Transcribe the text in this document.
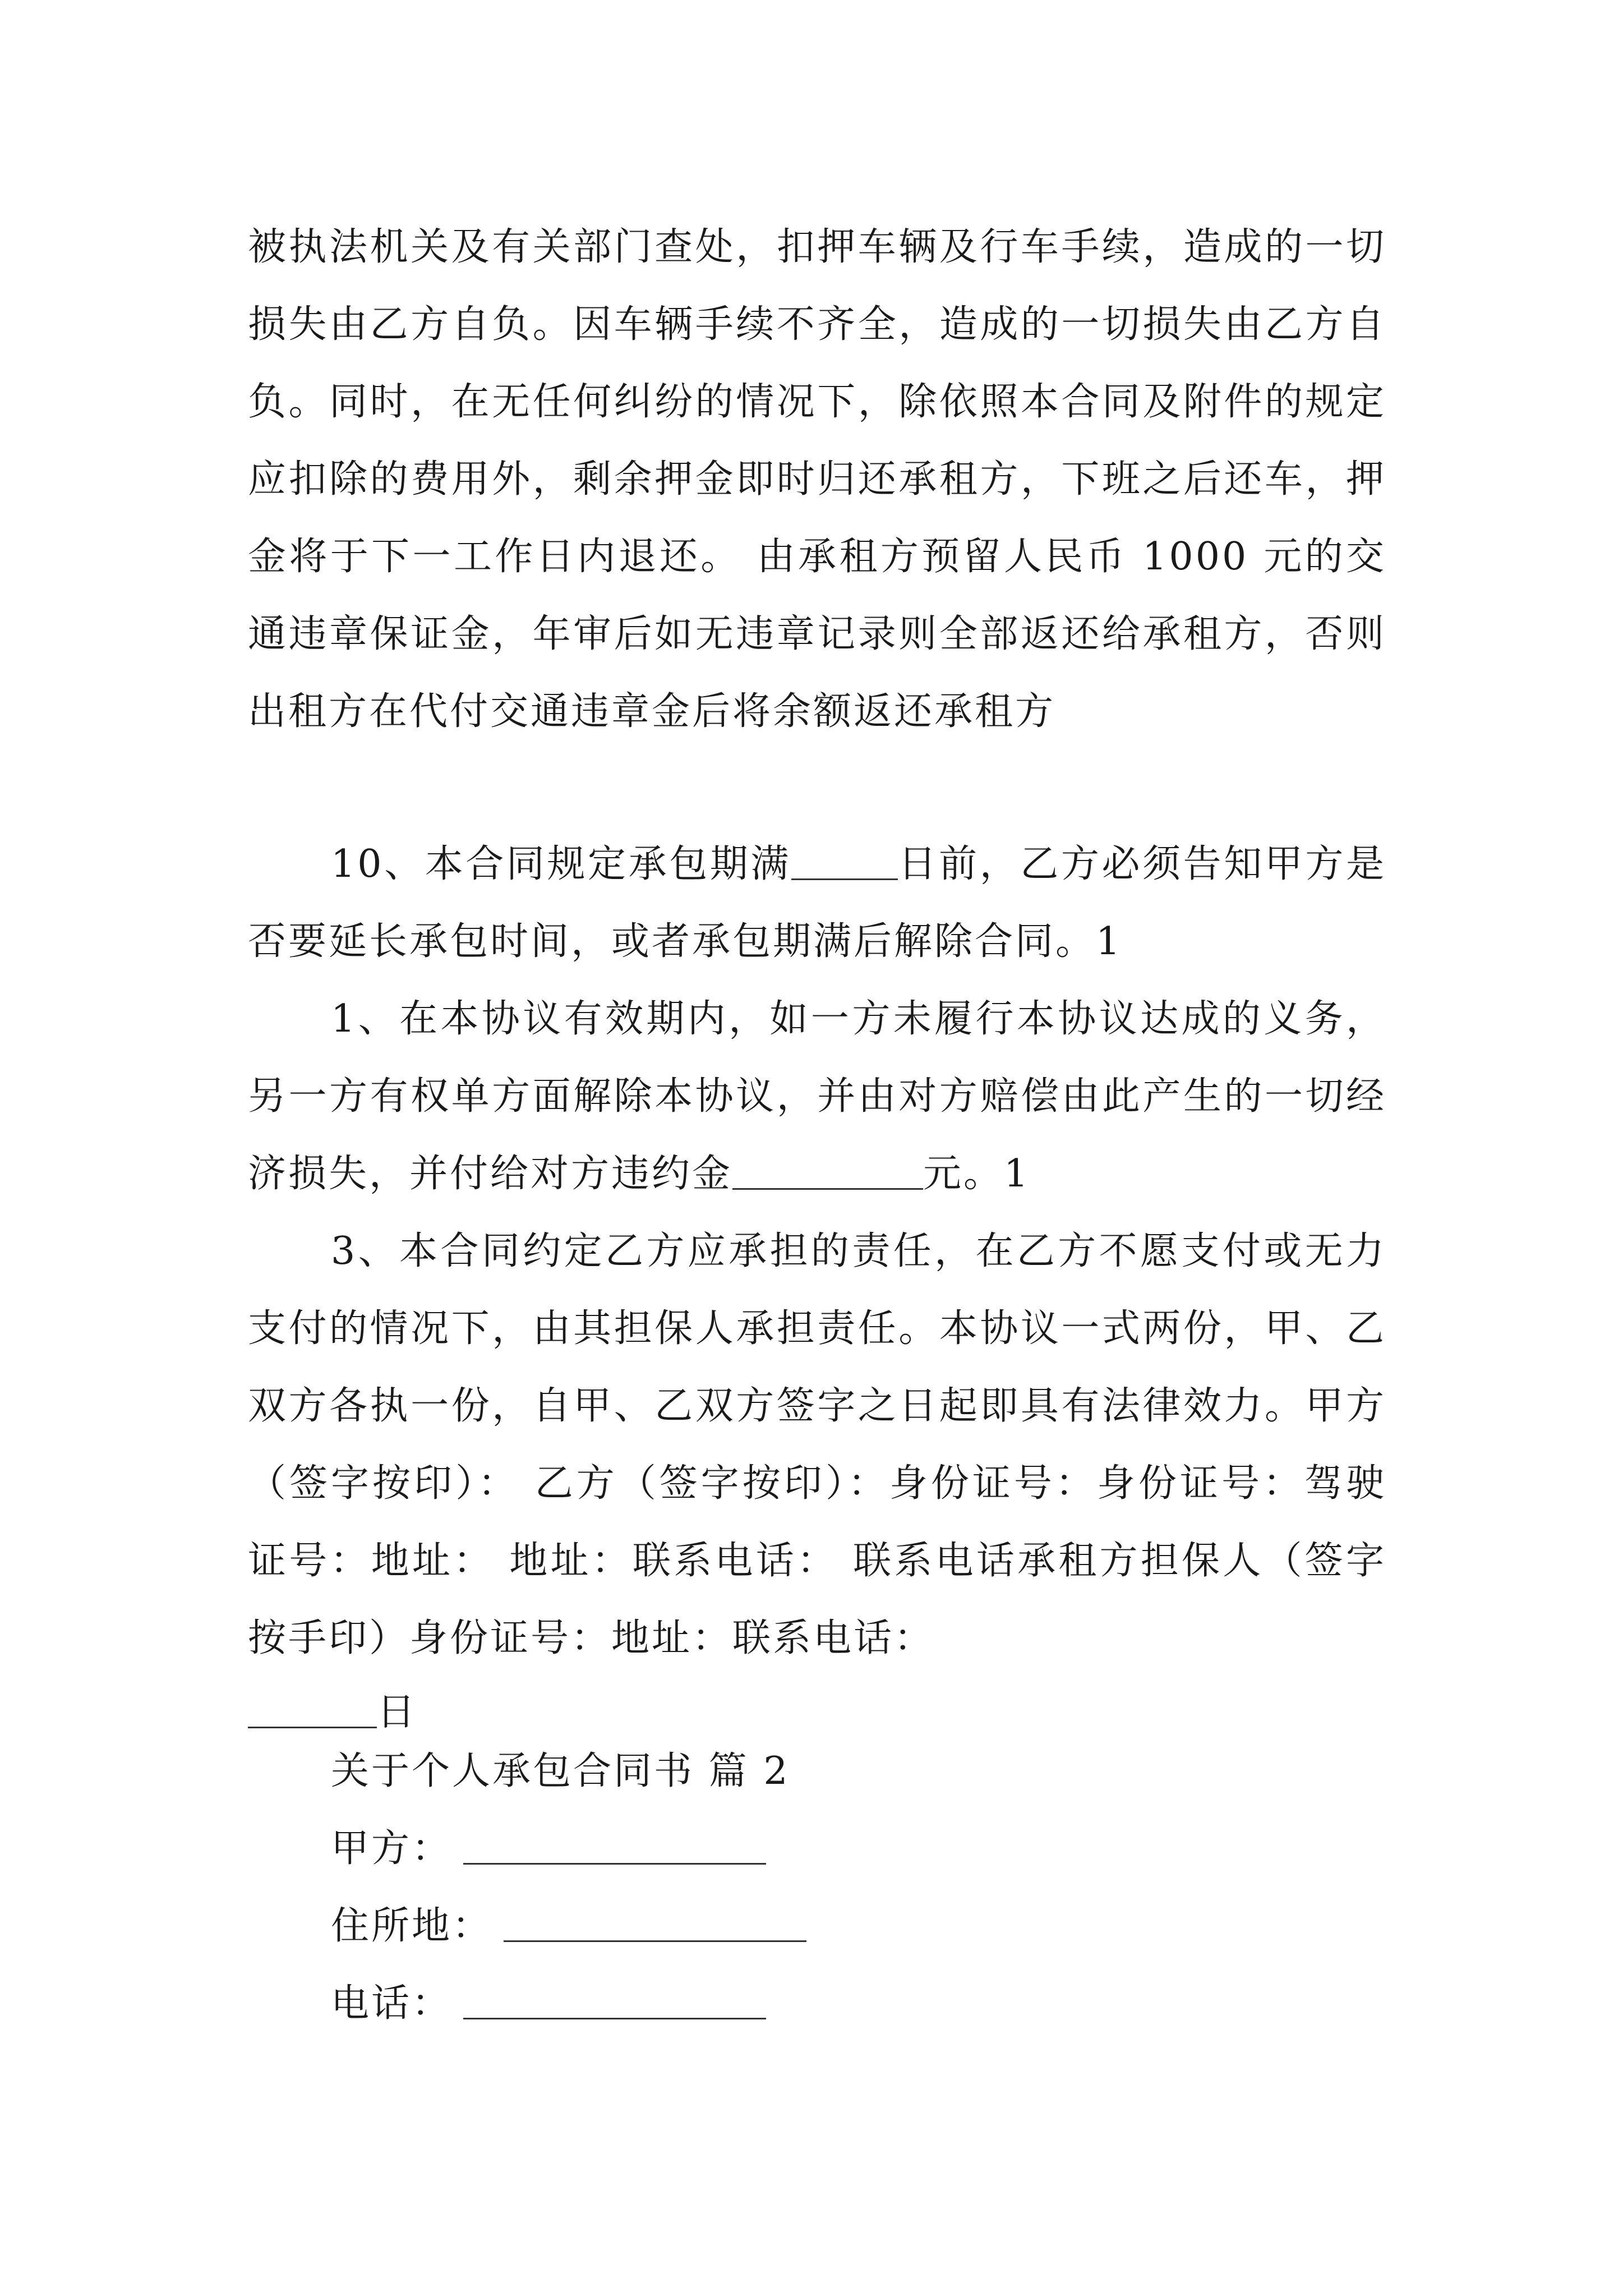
被执法机关及有关部门查处，扣押车辆及行车手续，造成的一切损失由乙方自负。因车辆手续不齐全，造成的一切损失由乙方自负。同时，在无任何纠纷的情况下，除依照本合同及附件的规定应扣除的费用外，剩余押金即时归还承租方，下班之后还车，押金将于下一工作日内退还。 由承租方预留人民币 1000 元的交通违章保证金，年审后如无违章记录则全部返还给承租方，否则出租方在代付交通违章金后将余额返还承租方
10、本合同规定承包期满	日前，乙方必须告知甲方是否要延长承包时间，或者承包期满后解除合同。1
1、在本协议有效期内，如一方未履行本协议达成的义务，另一方有权单方面解除本协议，并由对方赔偿由此产生的一切经济损失，并付给对方违约金	元。1
3、本合同约定乙方应承担的责任，在乙方不愿支付或无力支付的情况下，由其担保人承担责任。本协议一式两份，甲、乙双方各执一份，自甲、乙双方签字之日起即具有法律效力。甲方（签字按印）： 乙方（签字按印）：身份证号：身份证号：驾驶证号：地址： 地址：联系电话： 联系电话承租方担保人（签字按手印）身份证号：地址：联系电话：
日
关于个人承包合同书 篇 2
甲方：
住所地：
电话：
